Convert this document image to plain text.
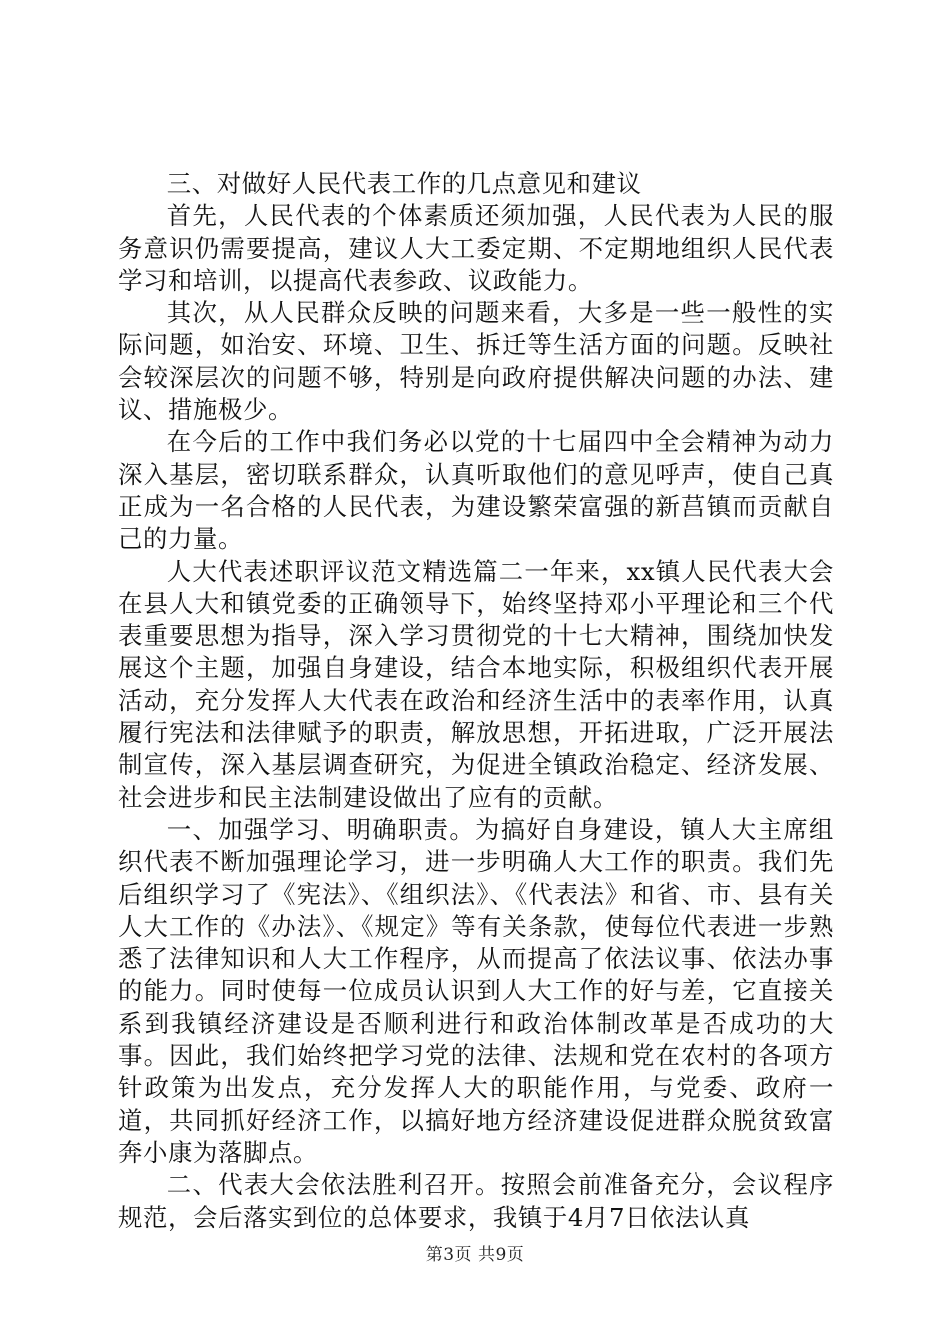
三、对做好人民代表工作的几点意见和建议

首先，人民代表的个体素质还须加强，人民代表为人民的服务意识仍需要提高，建议人大工委定期、不定期地组织人民代表学习和培训，以提高代表参政、议政能力。

其次，从人民群众反映的问题来看，大多是一些一般性的实际问题，如治安、环境、卫生、拆迁等生活方面的问题。反映社会较深层次的问题不够，特别是向政府提供解决问题的办法、建议、措施极少。

在今后的工作中我们务必以党的十七届四中全会精神为动力深入基层，密切联系群众，认真听取他们的意见呼声，使自己真正成为一名合格的人民代表，为建设繁荣富强的新莒镇而贡献自己的力量。

人大代表述职评议范文精选篇二一年来，xx镇人民代表大会在县人大和镇党委的正确领导下，始终坚持邓小平理论和三个代表重要思想为指导，深入学习贯彻党的十七大精神，围绕加快发展这个主题，加强自身建设，结合本地实际，积极组织代表开展活动，充分发挥人大代表在政治和经济生活中的表率作用，认真履行宪法和法律赋予的职责，解放思想，开拓进取，广泛开展法制宣传，深入基层调查研究，为促进全镇政治稳定、经济发展、社会进步和民主法制建设做出了应有的贡献。

一、加强学习、明确职责。为搞好自身建设，镇人大主席组织代表不断加强理论学习，进一步明确人大工作的职责。我们先后组织学习了《宪法》、《组织法》、《代表法》和省、市、县有关人大工作的《办法》、《规定》等有关条款，使每位代表进一步熟悉了法律知识和人大工作程序，从而提高了依法议事、依法办事的能力。同时使每一位成员认识到人大工作的好与差，它直接关系到我镇经济建设是否顺利进行和政治体制改革是否成功的大事。因此，我们始终把学习党的法律、法规和党在农村的各项方针政策为出发点，充分发挥人大的职能作用，与党委、政府一道，共同抓好经济工作，以搞好地方经济建设促进群众脱贫致富奔小康为落脚点。

二、代表大会依法胜利召开。按照会前准备充分，会议程序规范，会后落实到位的总体要求，我镇于4月7日依法认真

第3页 共9页
